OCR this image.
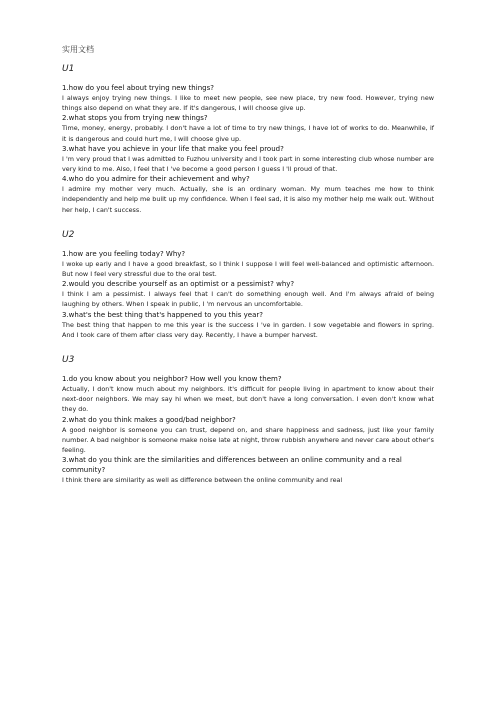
实用文档
U1

1.how do you feel about trying new things?

I always enjoy trying new things. I like to meet new people, see new place, try new food. However, trying new things also depend on what they are. If it's dangerous, I will choose give up.

2.what stops you from trying new things?

Time, money, energy, probably. I don't have a lot of time to try new things, I have lot of works to do. Meanwhile, if it is dangerous and could hurt me, I will choose give up.

3.what have you achieve in your life that make you feel proud?

I 'm very proud that I was admitted to Fuzhou university and I took part in some interesting club whose number are very kind to me. Also, I feel that I 've become a good person I guess I 'll proud of that.

4.who do you admire for their achievement and why?

I admire my mother very much. Actually, she is an ordinary woman. My mum teaches me how to think independently and help me built up my confidence. When I feel sad, it is also my mother help me walk out. Without her help, I can't success.

U2

1.how are you feeling today? Why?

I woke up early and I have a good breakfast, so I think I suppose I will feel well-balanced and optimistic afternoon. But now I feel very stressful due to the oral test.

2.would you describe yourself as an optimist or a pessimist? why?

I think I am a pessimist. I always feel that I can't do something enough well. And I'm always afraid of being laughing by others. When I speak in public, I 'm nervous an uncomfortable.

3.what's the best thing that's happened to you this year?

The best thing that happen to me this year is the success I 've in garden. I sow vegetable and flowers in spring. And I took care of them after class very day. Recently, I have a bumper harvest.

U3

1.do you know about you neighbor? How well you know them?

Actually, I don't know much about my neighbors. It's difficult for people living in apartment to know about their next-door neighbors. We may say hi when we meet, but don't have a long conversation. I even don't know what they do.

2.what do you think makes a good/bad neighbor?

A good neighbor is someone you can trust, depend on, and share happiness and sadness, just like your family number. A bad neighbor is someone make noise late at night, throw rubbish anywhere and never care about other's feeling.

3.what do you think are the similarities and differences between an online community and a real community?

I think there are similarity as well as difference between the online community and real
